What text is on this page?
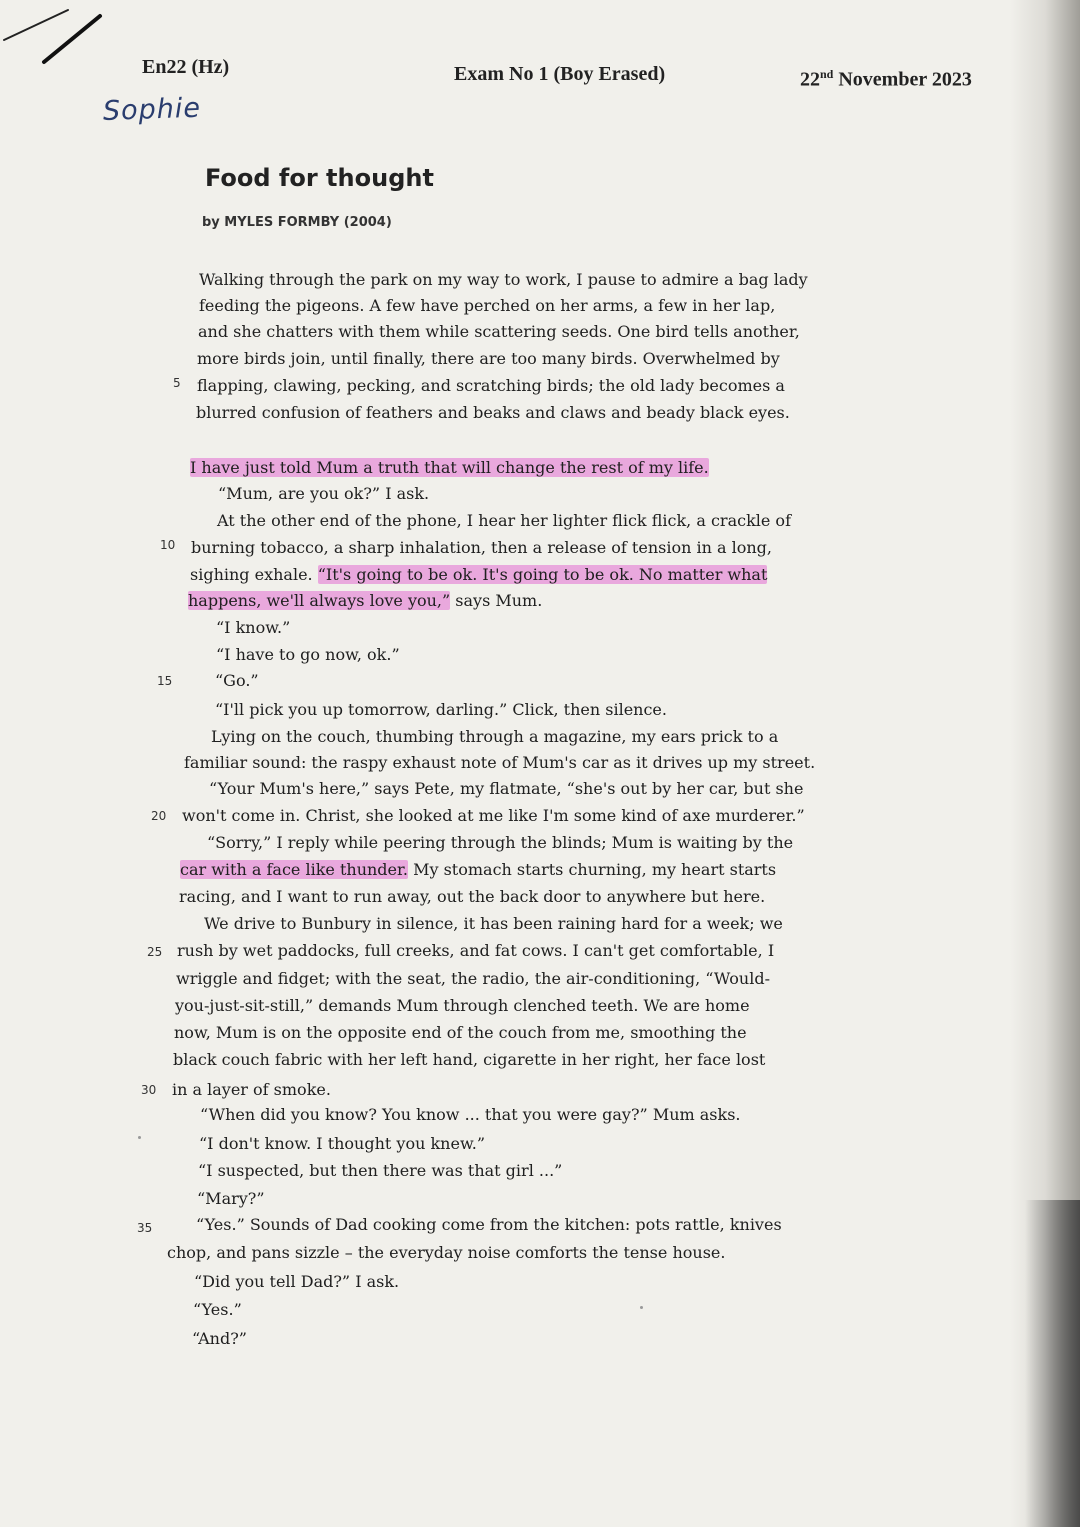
En22 (Hz)	Exam No 1 (Boy Erased)	22nd November 2023
Sophie
Food for thought
by MYLES FORMBY (2004)
Walking through the park on my way to work, I pause to admire a bag lady
feeding the pigeons. A few have perched on her arms, a few in her lap,
and she chatters with them while scattering seeds. One bird tells another,
more birds join, until finally, there are too many birds. Overwhelmed by
5 flapping, clawing, pecking, and scratching birds; the old lady becomes a
blurred confusion of feathers and beaks and claws and beady black eyes.
I have just told Mum a truth that will change the rest of my life.
“Mum, are you ok?” I ask.
At the other end of the phone, I hear her lighter flick flick, a crackle of
10 burning tobacco, a sharp inhalation, then a release of tension in a long,
sighing exhale. “It's going to be ok. It's going to be ok. No matter what
happens, we'll always love you,” says Mum.
“I know.”
“I have to go now, ok.”
15	“Go.”
“I'll pick you up tomorrow, darling.” Click, then silence.
Lying on the couch, thumbing through a magazine, my ears prick to a
familiar sound: the raspy exhaust note of Mum's car as it drives up my street.
“Your Mum's here,” says Pete, my flatmate, “she's out by her car, but she
20 won't come in. Christ, she looked at me like I'm some kind of axe murderer.”
“Sorry,” I reply while peering through the blinds; Mum is waiting by the
car with a face like thunder. My stomach starts churning, my heart starts
racing, and I want to run away, out the back door to anywhere but here.
We drive to Bunbury in silence, it has been raining hard for a week; we
25 rush by wet paddocks, full creeks, and fat cows. I can't get comfortable, I
wriggle and fidget; with the seat, the radio, the air-conditioning, “Would-
you-just-sit-still,” demands Mum through clenched teeth. We are home
now, Mum is on the opposite end of the couch from me, smoothing the
black couch fabric with her left hand, cigarette in her right, her face lost
30 in a layer of smoke.
“When did you know? You know ... that you were gay?” Mum asks.
“I don't know. I thought you knew.”
“I suspected, but then there was that girl ...”
“Mary?”
35	“Yes.” Sounds of Dad cooking come from the kitchen: pots rattle, knives
chop, and pans sizzle – the everyday noise comforts the tense house.
“Did you tell Dad?” I ask.
“Yes.”
“And?”
